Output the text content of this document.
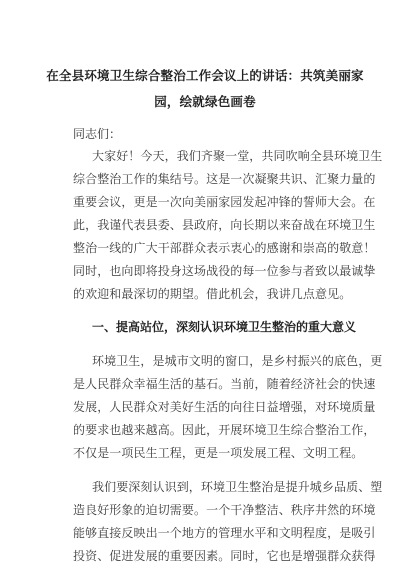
在全县环境卫生综合整治工作会议上的讲话：共筑美丽家
园，绘就绿色画卷
同志们：
大家好！今天，我们齐聚一堂，共同吹响全县环境卫生
综合整治工作的集结号。这是一次凝聚共识、汇聚力量的
重要会议，更是一次向美丽家园发起冲锋的誓师大会。在
此，我谨代表县委、县政府，向长期以来奋战在环境卫生
整治一线的广大干部群众表示衷心的感谢和崇高的敬意！
同时，也向即将投身这场战役的每一位参与者致以最诚挚
的欢迎和最深切的期望。借此机会，我讲几点意见。
一、提高站位，深刻认识环境卫生整治的重大意义
环境卫生，是城市文明的窗口，是乡村振兴的底色，更
是人民群众幸福生活的基石。当前，随着经济社会的快速
发展，人民群众对美好生活的向往日益增强，对环境质量
的要求也越来越高。因此，开展环境卫生综合整治工作，
不仅是一项民生工程，更是一项发展工程、文明工程。
我们要深刻认识到，环境卫生整治是提升城乡品质、塑
造良好形象的迫切需要。一个干净整洁、秩序井然的环境
能够直接反映出一个地方的管理水平和文明程度，是吸引
投资、促进发展的重要因素。同时，它也是增强群众获得
